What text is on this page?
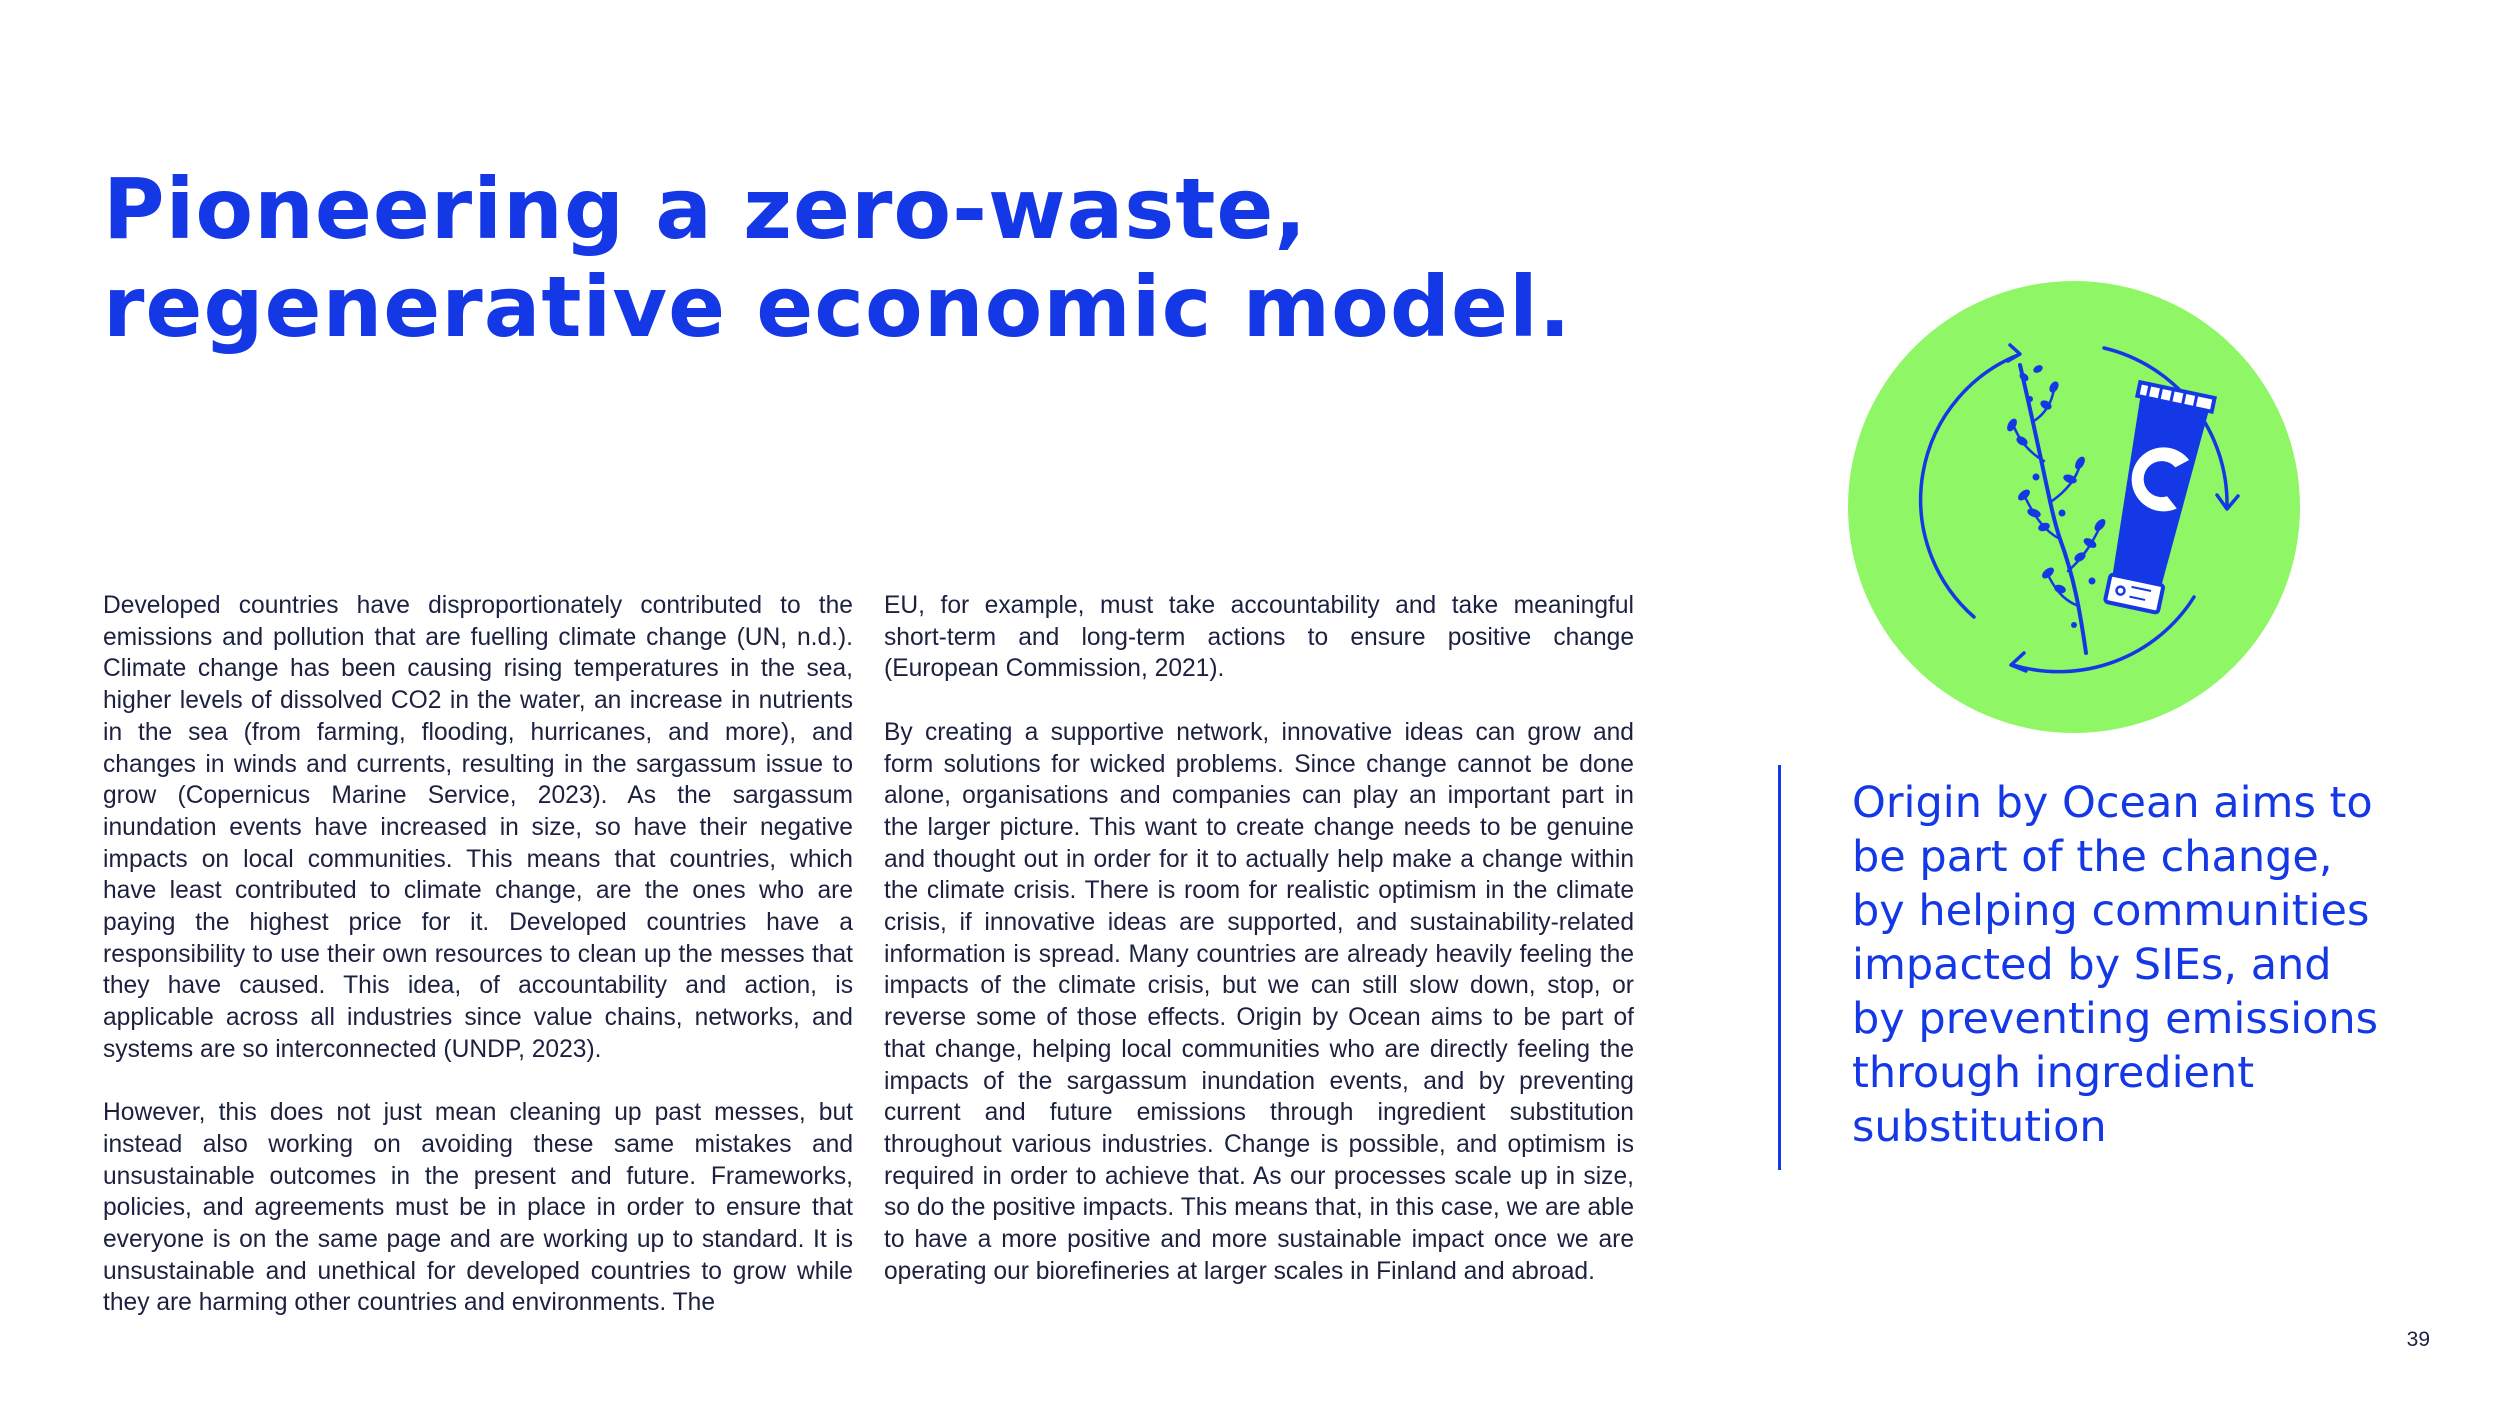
Pioneering a zero-waste,
regenerative economic model.

Developed countries have disproportionately contributed to the emissions and pollution that are fuelling climate change (UN, n.d.). Climate change has been causing rising temperatures in the sea, higher levels of dissolved CO2 in the water, an increase in nutrients in the sea (from farming, flooding, hurricanes, and more), and changes in winds and currents, resulting in the sargassum issue to grow (Copernicus Marine Service, 2023). As the sargassum inundation events have increased in size, so have their negative impacts on local communities. This means that countries, which have least contributed to climate change, are the ones who are paying the highest price for it. Developed countries have a responsibility to use their own resources to clean up the messes that they have caused. This idea, of accountability and action, is applicable across all industries since value chains, networks, and systems are so interconnected (UNDP, 2023).

However, this does not just mean cleaning up past messes, but instead also working on avoiding these same mistakes and unsustainable outcomes in the present and future. Frameworks, policies, and agreements must be in place in order to ensure that everyone is on the same page and are working up to standard. It is unsustainable and unethical for developed countries to grow while they are harming other countries and environments. The

EU, for example, must take accountability and take meaningful short-term and long-term actions to ensure positive change (European Commission, 2021).

By creating a supportive network, innovative ideas can grow and form solutions for wicked problems. Since change cannot be done alone, organisations and companies can play an important part in the larger picture. This want to create change needs to be genuine and thought out in order for it to actually help make a change within the climate crisis. There is room for realistic optimism in the climate crisis, if innovative ideas are supported, and sustainability-related information is spread. Many countries are already heavily feeling the impacts of the climate crisis, but we can still slow down, stop, or reverse some of those effects. Origin by Ocean aims to be part of that change, helping local communities who are directly feeling the impacts of the sargassum inundation events, and by preventing current and future emissions through ingredient substitution throughout various industries. Change is possible, and optimism is required in order to achieve that. As our processes scale up in size, so do the positive impacts. This means that, in this case, we are able to have a more positive and more sustainable impact once we are operating our biorefineries at larger scales in Finland and abroad.

Origin by Ocean aims to
be part of the change,
by helping communities
impacted by SIEs, and
by preventing emissions
through ingredient
substitution
39
